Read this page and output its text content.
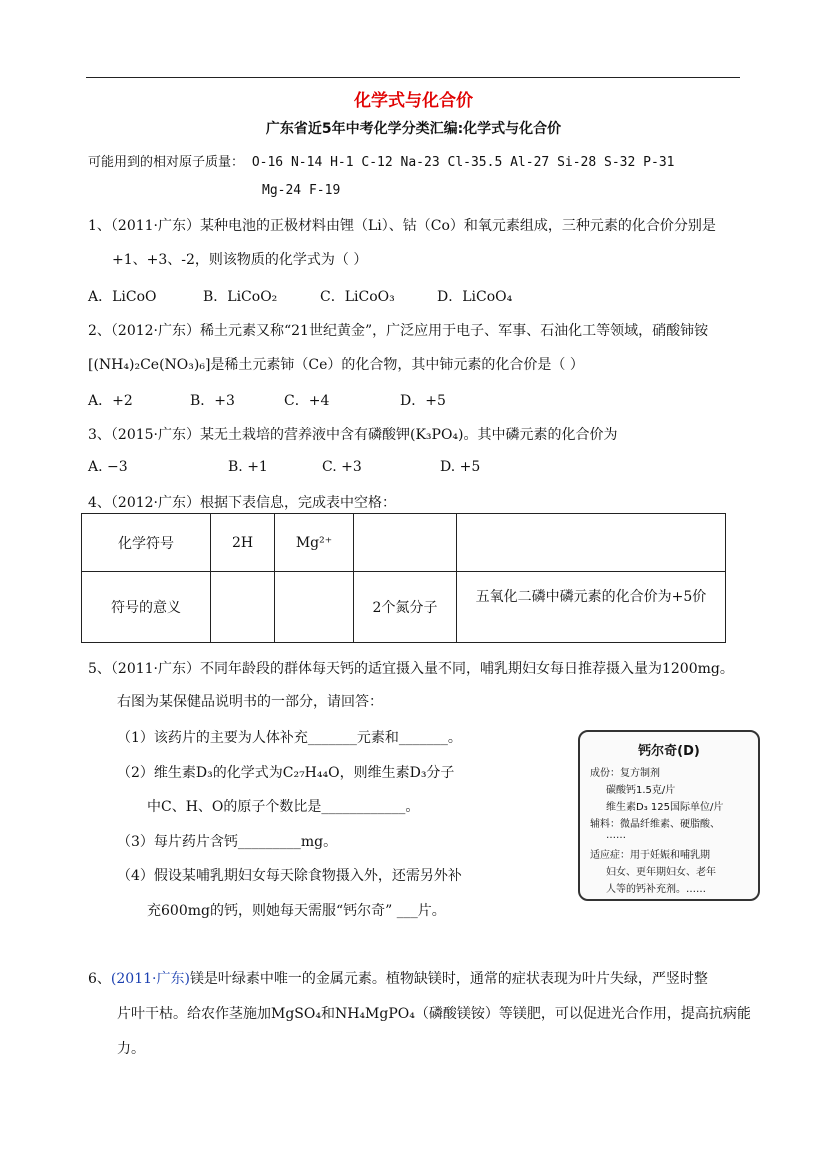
化学式与化合价
广东省近5年中考化学分类汇编:化学式与化合价
可能用到的相对原子质量： O-16 N-14 H-1 C-12 Na-23 Cl-35.5 Al-27 Si-28 S-32 P-31
Mg-24 F-19
1、（2011·广东）某种电池的正极材料由锂（Li）、钴（Co）和氧元素组成，三种元素的化合价分别是
+1、+3、-2，则该物质的化学式为（ ）
A．LiCoO	B．LiCoO₂	C．LiCoO₃	D．LiCoO₄
2、（2012·广东）稀土元素又称“21世纪黄金”，广泛应用于电子、军事、石油化工等领域，硝酸铈铵
[(NH₄)₂Ce(NO₃)₆]是稀土元素铈（Ce）的化合物，其中铈元素的化合价是（ ）
A．+2	B．+3	C．+4	D．+5
3、（2015·广东）某无土栽培的营养液中含有磷酸钾(K₃PO₄)。其中磷元素的化合价为
A. −3	B. +1	C. +3	D. +5
4、（2012·广东）根据下表信息，完成表中空格：
化学符号	2H	Mg²⁺		
符号的意义			2个氮分子	五氧化二磷中磷元素的化合价为+5价
5、（2011·广东）不同年龄段的群体每天钙的适宜摄入量不同，哺乳期妇女每日推荐摄入量为1200mg。
右图为某保健品说明书的一部分，请回答：
（1）该药片的主要为人体补充_______元素和_______。
（2）维生素D₃的化学式为C₂₇H₄₄O，则维生素D₃分子
中C、H、O的原子个数比是____________。
（3）每片药片含钙_________mg。
（4）假设某哺乳期妇女每天除食物摄入外，还需另外补
充600mg的钙，则她每天需服“钙尔奇” ___片。
钙尔奇(D)
成份：复方制剂
碳酸钙1.5克/片
维生素D₃ 125国际单位/片
辅料：微晶纤维素、硬脂酸、
……
适应症：用于妊娠和哺乳期
妇女、更年期妇女、老年
人等的钙补充剂。……
6、(2011·广东)镁是叶绿素中唯一的金属元素。植物缺镁时，通常的症状表现为叶片失绿，严竖时整
片叶干枯。给农作茎施加MgSO₄和NH₄MgPO₄（磷酸镁铵）等镁肥，可以促进光合作用，提高抗病能
力。
